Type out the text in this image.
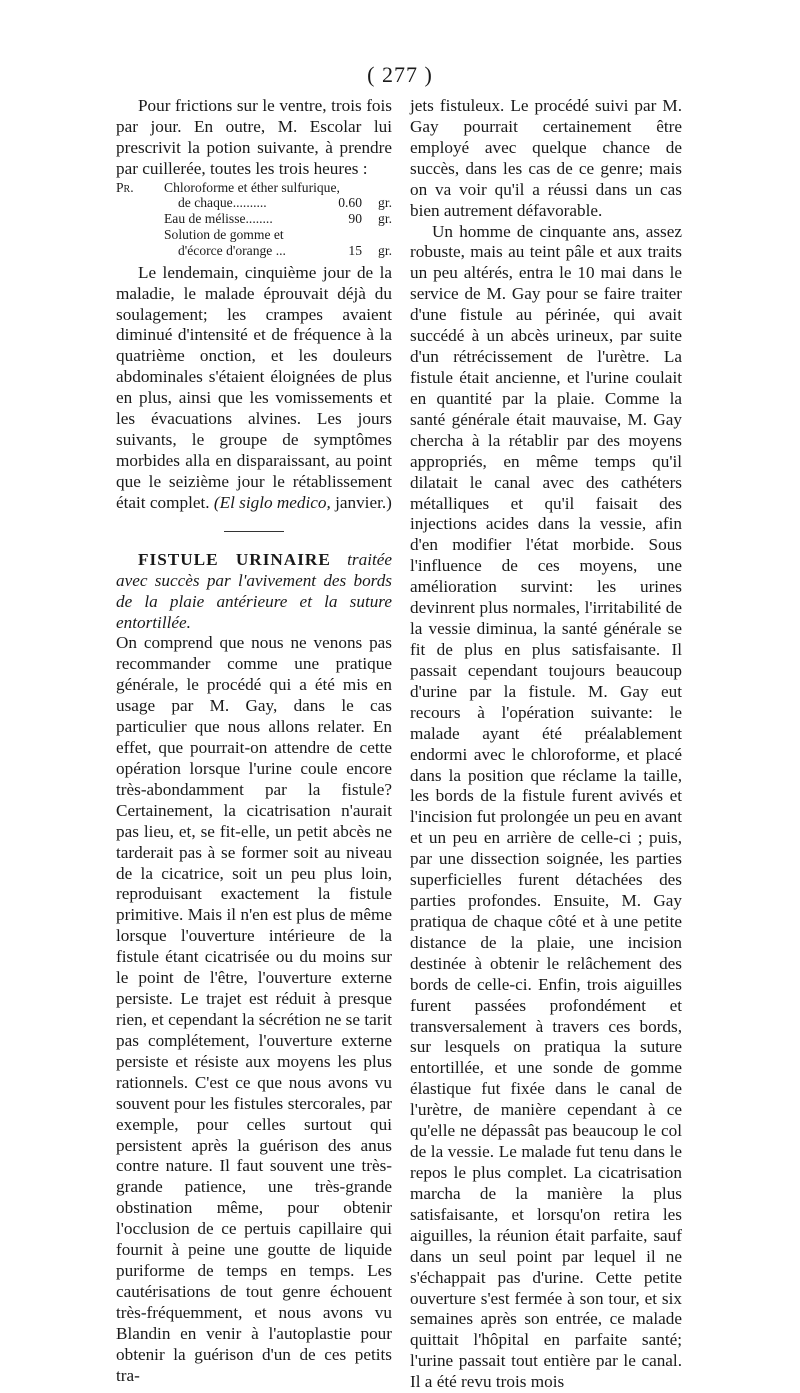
( 277 )

Pour frictions sur le ventre, trois fois par jour. En outre, M. Escolar lui prescrivit la potion suivante, à prendre par cuillerée, toutes les trois heures :

Pr.	Chloroforme et éther sulfurique,
de chaque..........	0.60	gr.
Eau de mélisse........	90	gr.
Solution de gomme et
d'écorce d'orange ...	15	gr.

Le lendemain, cinquième jour de la maladie, le malade éprouvait déjà du soulagement; les crampes avaient diminué d'intensité et de fréquence à la quatrième onction, et les douleurs abdominales s'étaient éloignées de plus en plus, ainsi que les vomissements et les évacuations alvines. Les jours suivants, le groupe de symptômes morbides alla en disparaissant, au point que le seizième jour le rétablissement était complet. (El siglo medico, janvier.)

FISTULE URINAIRE traitée avec succès par l'avivement des bords de la plaie antérieure et la suture entortillée.

On comprend que nous ne venons pas recommander comme une pratique générale, le procédé qui a été mis en usage par M. Gay, dans le cas particulier que nous allons relater. En effet, que pourrait-on attendre de cette opération lorsque l'urine coule encore très-abondamment par la fistule? Certainement, la cicatrisation n'aurait pas lieu, et, se fit-elle, un petit abcès ne tarderait pas à se former soit au niveau de la cicatrice, soit un peu plus loin, reproduisant exactement la fistule primitive. Mais il n'en est plus de même lorsque l'ouverture intérieure de la fistule étant cicatrisée ou du moins sur le point de l'être, l'ouverture externe persiste. Le trajet est réduit à presque rien, et cependant la sécrétion ne se tarit pas complétement, l'ouverture externe persiste et résiste aux moyens les plus rationnels. C'est ce que nous avons vu souvent pour les fistules stercorales, par exemple, pour celles surtout qui persistent après la guérison des anus contre nature. Il faut souvent une très-grande patience, une très-grande obstination même, pour obtenir l'occlusion de ce pertuis capillaire qui fournit à peine une goutte de liquide puriforme de temps en temps. Les cautérisations de tout genre échouent très-fréquemment, et nous avons vu Blandin en venir à l'autoplastie pour obtenir la guérison d'un de ces petits tra-

jets fistuleux. Le procédé suivi par M. Gay pourrait certainement être employé avec quelque chance de succès, dans les cas de ce genre; mais on va voir qu'il a réussi dans un cas bien autrement défavorable.

Un homme de cinquante ans, assez robuste, mais au teint pâle et aux traits un peu altérés, entra le 10 mai dans le service de M. Gay pour se faire traiter d'une fistule au périnée, qui avait succédé à un abcès urineux, par suite d'un rétrécissement de l'urètre. La fistule était ancienne, et l'urine coulait en quantité par la plaie. Comme la santé générale était mauvaise, M. Gay chercha à la rétablir par des moyens appropriés, en même temps qu'il dilatait le canal avec des cathéters métalliques et qu'il faisait des injections acides dans la vessie, afin d'en modifier l'état morbide. Sous l'influence de ces moyens, une amélioration survint: les urines devinrent plus normales, l'irritabilité de la vessie diminua, la santé générale se fit de plus en plus satisfaisante. Il passait cependant toujours beaucoup d'urine par la fistule. M. Gay eut recours à l'opération suivante: le malade ayant été préalablement endormi avec le chloroforme, et placé dans la position que réclame la taille, les bords de la fistule furent avivés et l'incision fut prolongée un peu en avant et un peu en arrière de celle-ci ; puis, par une dissection soignée, les parties superficielles furent détachées des parties profondes. Ensuite, M. Gay pratiqua de chaque côté et à une petite distance de la plaie, une incision destinée à obtenir le relâchement des bords de celle-ci. Enfin, trois aiguilles furent passées profondément et transversalement à travers ces bords, sur lesquels on pratiqua la suture entortillée, et une sonde de gomme élastique fut fixée dans le canal de l'urètre, de manière cependant à ce qu'elle ne dépassât pas beaucoup le col de la vessie. Le malade fut tenu dans le repos le plus complet. La cicatrisation marcha de la manière la plus satisfaisante, et lorsqu'on retira les aiguilles, la réunion était parfaite, sauf dans un seul point par lequel il ne s'échappait pas d'urine. Cette petite ouverture s'est fermée à son tour, et six semaines après son entrée, ce malade quittait l'hôpital en parfaite santé; l'urine passait tout entière par le canal. Il a été revu trois mois
